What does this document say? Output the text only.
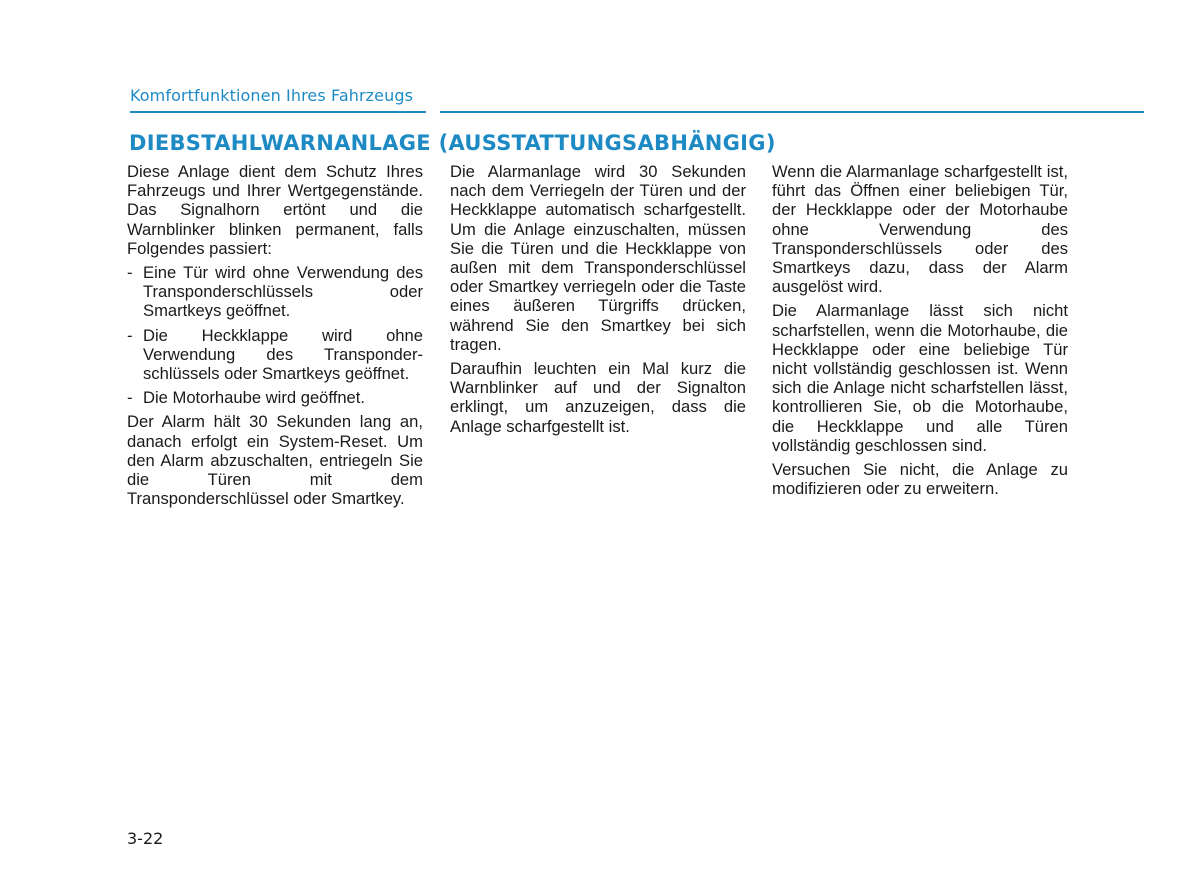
Komfortfunktionen Ihres Fahrzeugs
DIEBSTAHLWARNANLAGE (AUSSTATTUNGSABHÄNGIG)

Diese Anlage dient dem Schutz Ihres Fahrzeugs und Ihrer Wertgegenstände. Das Signalhorn ertönt und die Warnblinker blinken permanent, falls Folgendes passiert:

- Eine Tür wird ohne Verwendung des Transponderschlüssels oder Smartkeys geöffnet.
- Die Heckklappe wird ohne Verwendung des Transponderschlüssels oder Smartkeys geöffnet.
- Die Motorhaube wird geöffnet.

Der Alarm hält 30 Sekunden lang an, danach erfolgt ein System-Reset. Um den Alarm abzuschalten, entriegeln Sie die Türen mit dem Transponderschlüssel oder Smartkey.

Die Alarmanlage wird 30 Sekunden nach dem Verriegeln der Türen und der Heckklappe automatisch scharfgestellt. Um die Anlage einzuschalten, müssen Sie die Türen und die Heckklappe von außen mit dem Transponderschlüssel oder Smartkey verriegeln oder die Taste eines äußeren Türgriffs drücken, während Sie den Smartkey bei sich tragen.

Daraufhin leuchten ein Mal kurz die Warnblinker auf und der Signalton erklingt, um anzuzeigen, dass die Anlage scharfgestellt ist.

Wenn die Alarmanlage scharfgestellt ist, führt das Öffnen einer beliebigen Tür, der Heckklappe oder der Motorhaube ohne Verwendung des Transponderschlüssels oder des Smartkeys dazu, dass der Alarm ausgelöst wird.

Die Alarmanlage lässt sich nicht scharfstellen, wenn die Motorhaube, die Heckklappe oder eine beliebige Tür nicht vollständig geschlossen ist. Wenn sich die Anlage nicht scharfstellen lässt, kontrollieren Sie, ob die Motorhaube, die Heckklappe und alle Türen vollständig geschlossen sind.

Versuchen Sie nicht, die Anlage zu modifizieren oder zu erweitern.

3-22
